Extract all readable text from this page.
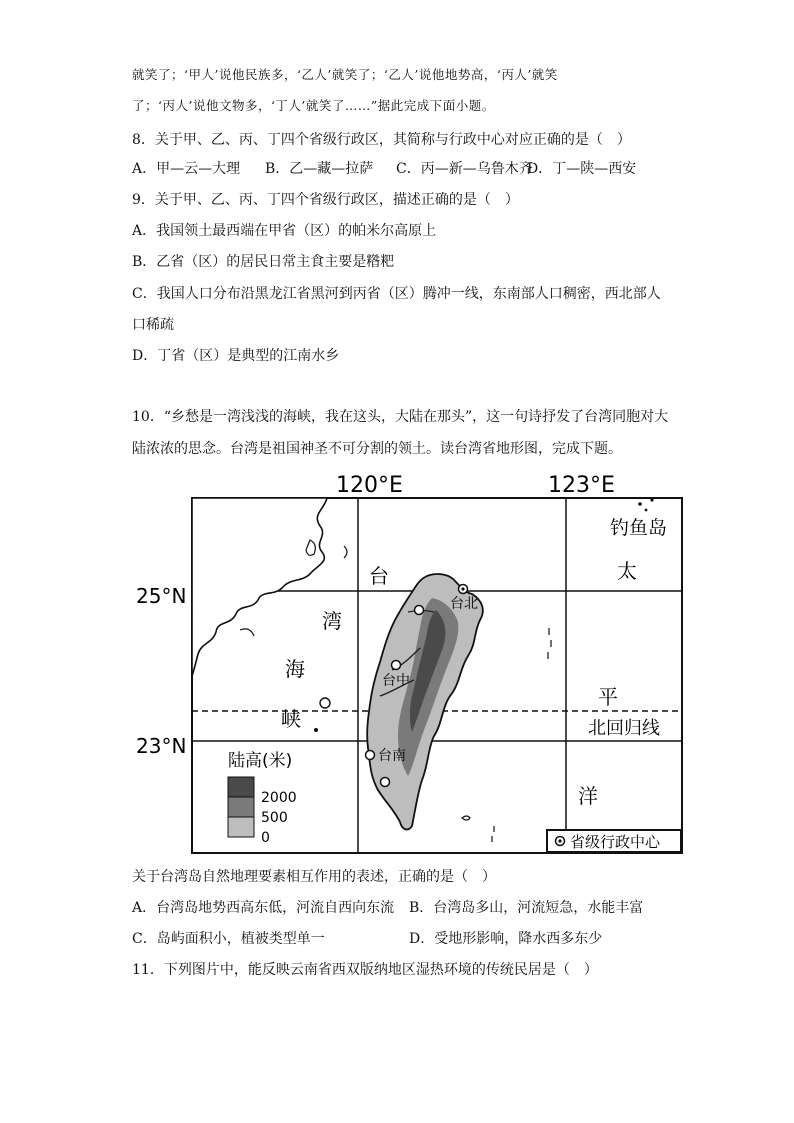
就笑了；‘甲人’说他民族多，‘乙人’就笑了；‘乙人’说他地势高，‘丙人’就笑
了；‘丙人’说他文物多，‘丁人’就笑了……”据此完成下面小题。
8．关于甲、乙、丙、丁四个省级行政区，其简称与行政中心对应正确的是（　）
A．甲—云—大理 B．乙—藏—拉萨 C．丙—新—乌鲁木齐
D．丁—陕—西安
9．关于甲、乙、丙、丁四个省级行政区，描述正确的是（　）
A．我国领土最西端在甲省（区）的帕米尔高原上
B．乙省（区）的居民日常主食主要是糌粑
C．我国人口分布沿黑龙江省黑河到丙省（区）腾冲一线，东南部人口稠密，西北部人
口稀疏
D．丁省（区）是典型的江南水乡
10．“乡愁是一湾浅浅的海峡，我在这头，大陆在那头”，这一句诗抒发了台湾同胞对大
陆浓浓的思念。台湾是祖国神圣不可分割的领土。读台湾省地形图，完成下题。
120°E	123°E
25°N
23°N
钓鱼岛
台
湾
海
峡
太
平
洋
北回归线
台北
台中
台南
陆高(米)
2000
500
0	省级行政中心
关于台湾岛自然地理要素相互作用的表述，正确的是（　）
A．台湾岛地势西高东低，河流自西向东流 B．台湾岛多山，河流短急，水能丰富
C．岛屿面积小，植被类型单一	D．受地形影响，降水西多东少
11．下列图片中，能反映云南省西双版纳地区湿热环境的传统民居是（　）
